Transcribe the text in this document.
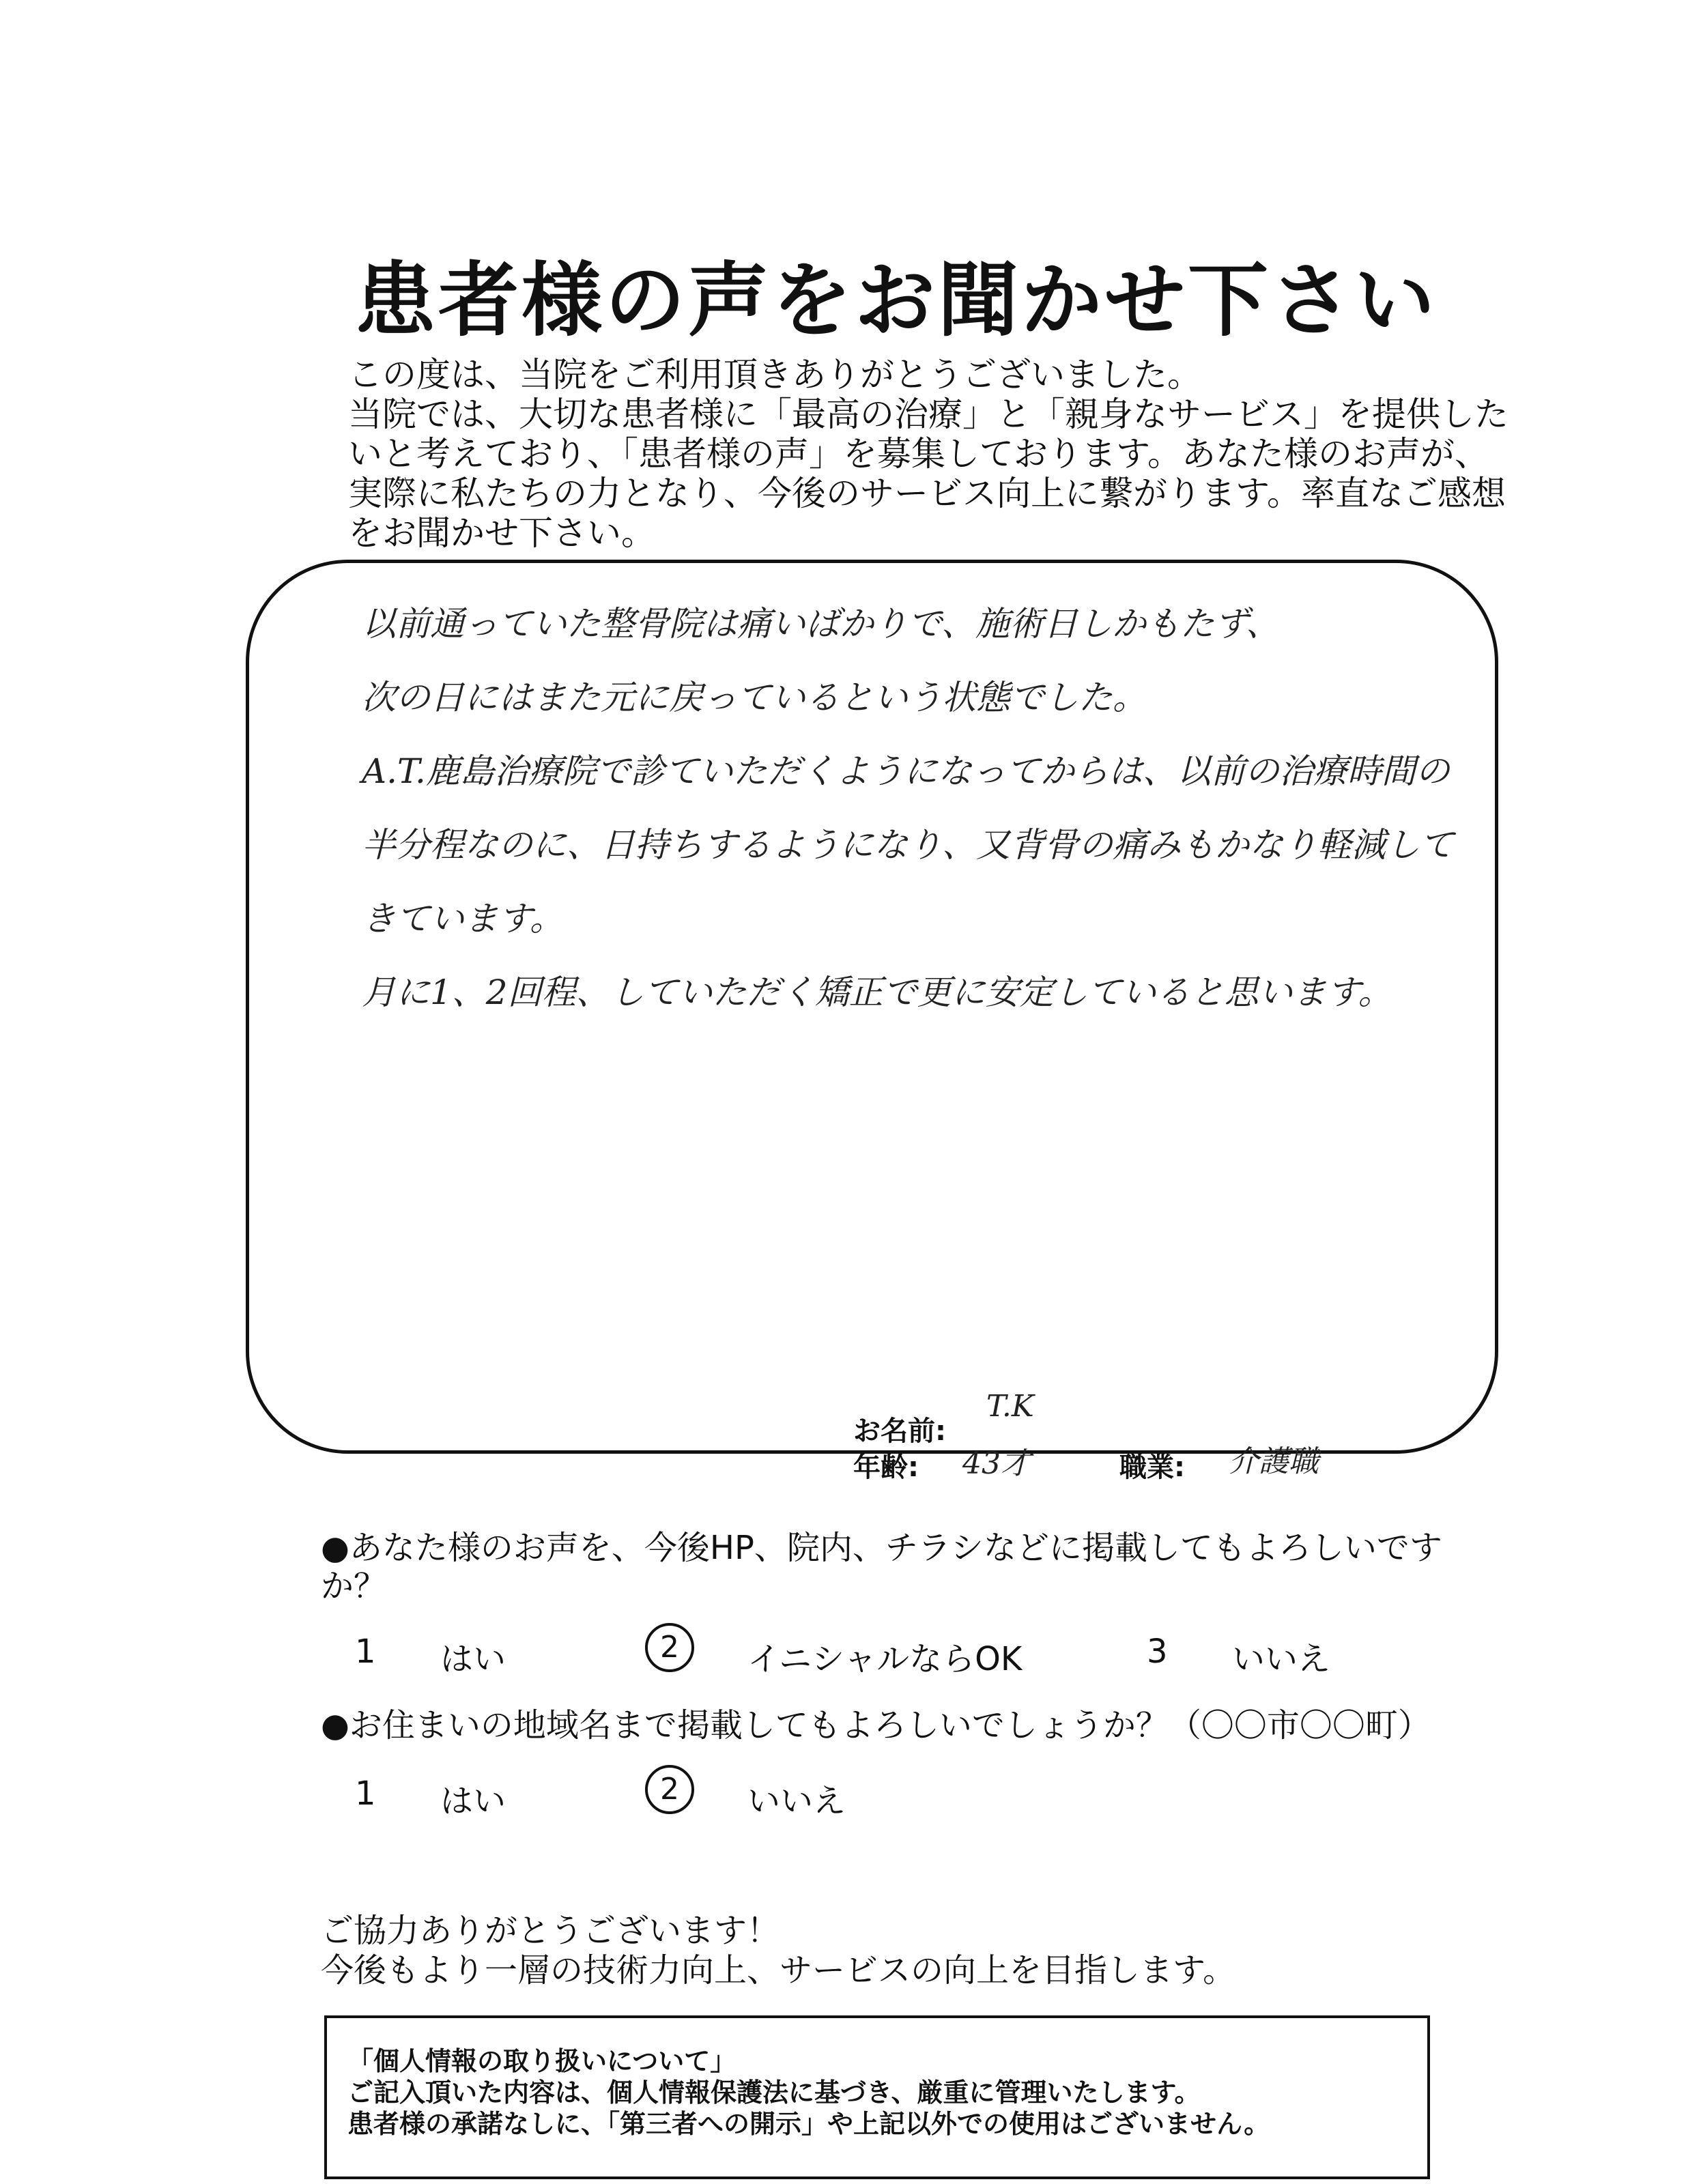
患者様の声をお聞かせ下さい
この度は、当院をご利用頂きありがとうございました。
当院では、大切な患者様に「最高の治療」と「親身なサービス」を提供した
いと考えており、「患者様の声」を募集しております。あなた様のお声が、
実際に私たちの力となり、今後のサービス向上に繋がります。率直なご感想
をお聞かせ下さい。
以前通っていた整骨院は痛いばかりで、施術日しかもたず、
次の日にはまた元に戻っているという状態でした。
A.T.鹿島治療院で診ていただくようになってからは、以前の治療時間の
半分程なのに、日持ちするようになり、又背骨の痛みもかなり軽減して
きています。
月に1、2回程、していただく矯正で更に安定していると思います。
お名前:
T.K
年齢: 43才	職業: 介護職
●あなた様のお声を、今後HP、院内、チラシなどに掲載してもよろしいです
か？
1 はい	2	イニシャルならOK	3 いいえ
●お住まいの地域名まで掲載してもよろしいでしょうか？（〇〇市〇〇町）
1 はい	2	いいえ
ご協力ありがとうございます！
今後もより一層の技術力向上、サービスの向上を目指します。
「個人情報の取り扱いについて」
ご記入頂いた内容は、個人情報保護法に基づき、厳重に管理いたします。
患者様の承諾なしに、「第三者への開示」や上記以外での使用はございません。
